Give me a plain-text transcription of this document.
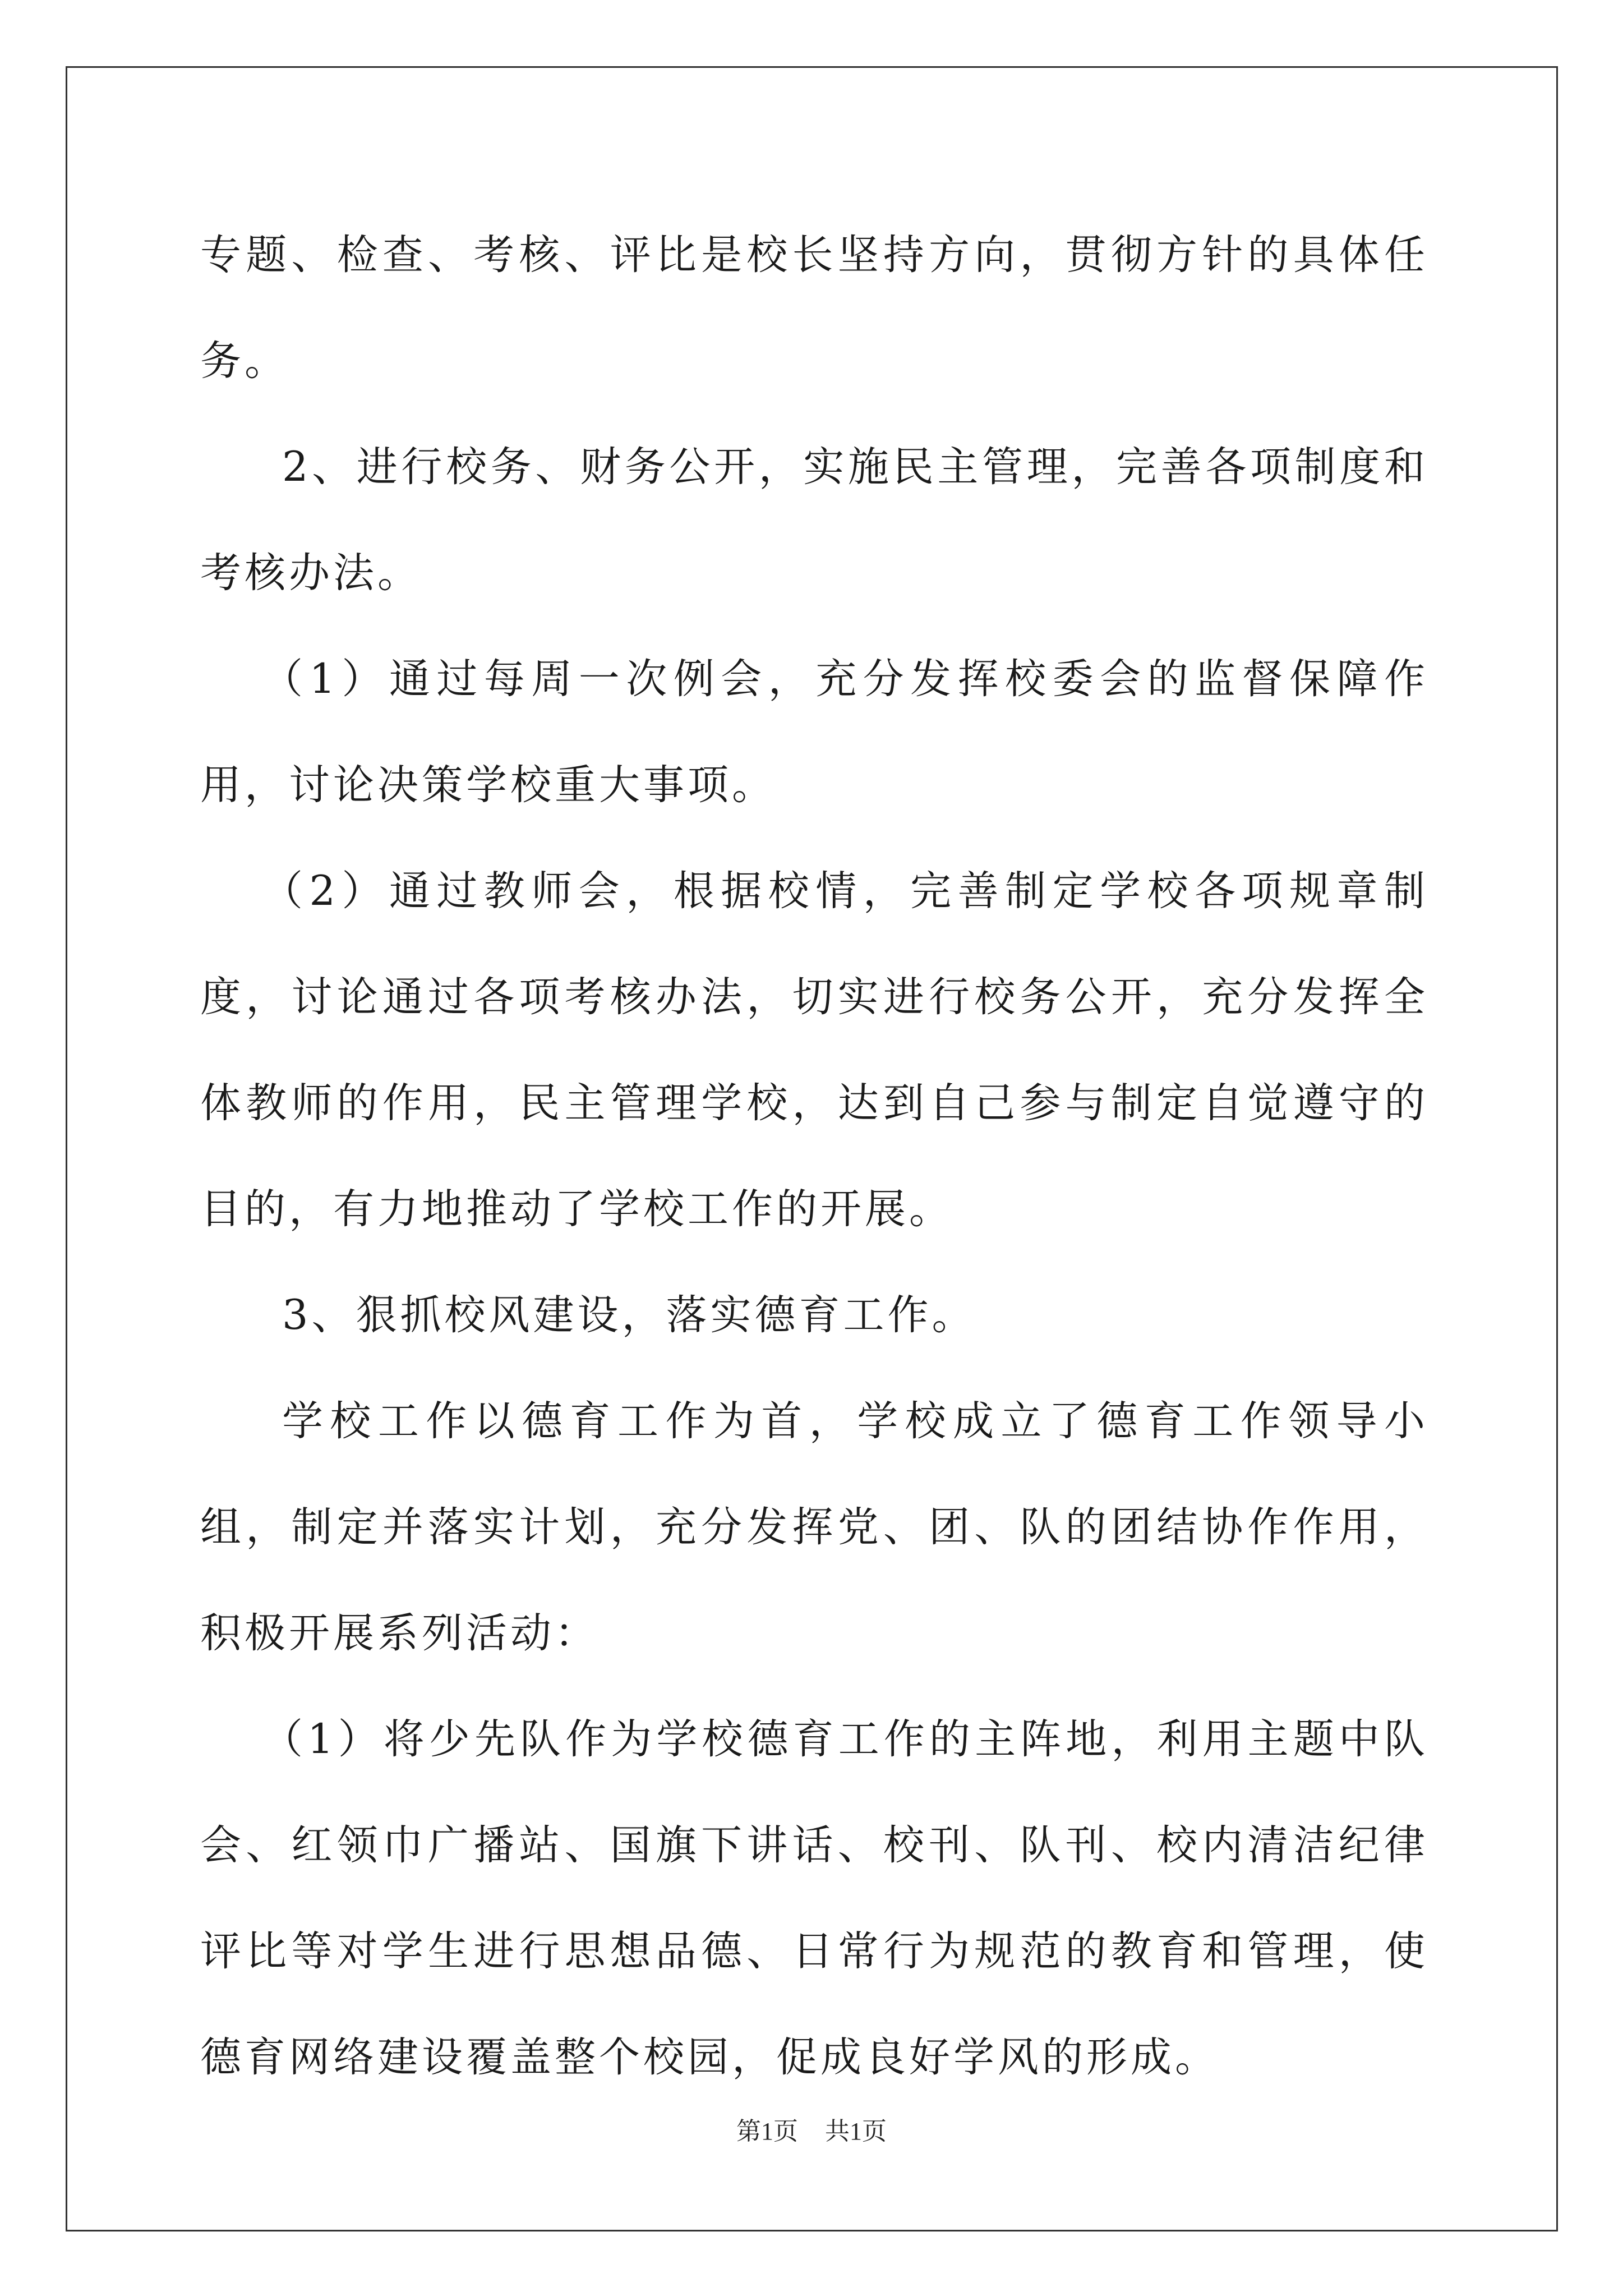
专题、检查、考核、评比是校长坚持方向，贯彻方针的具体任务。

2、进行校务、财务公开，实施民主管理，完善各项制度和考核办法。

（1）通过每周一次例会，充分发挥校委会的监督保障作用，讨论决策学校重大事项。

（2）通过教师会，根据校情，完善制定学校各项规章制度，讨论通过各项考核办法，切实进行校务公开，充分发挥全体教师的作用，民主管理学校，达到自己参与制定自觉遵守的目的，有力地推动了学校工作的开展。

3、狠抓校风建设，落实德育工作。

学校工作以德育工作为首，学校成立了德育工作领导小组，制定并落实计划，充分发挥党、团、队的团结协作作用，积极开展系列活动：

（1）将少先队作为学校德育工作的主阵地，利用主题中队会、红领巾广播站、国旗下讲话、校刊、队刊、校内清洁纪律评比等对学生进行思想品德、日常行为规范的教育和管理，使德育网络建设覆盖整个校园，促成良好学风的形成。

第1页 共1页
